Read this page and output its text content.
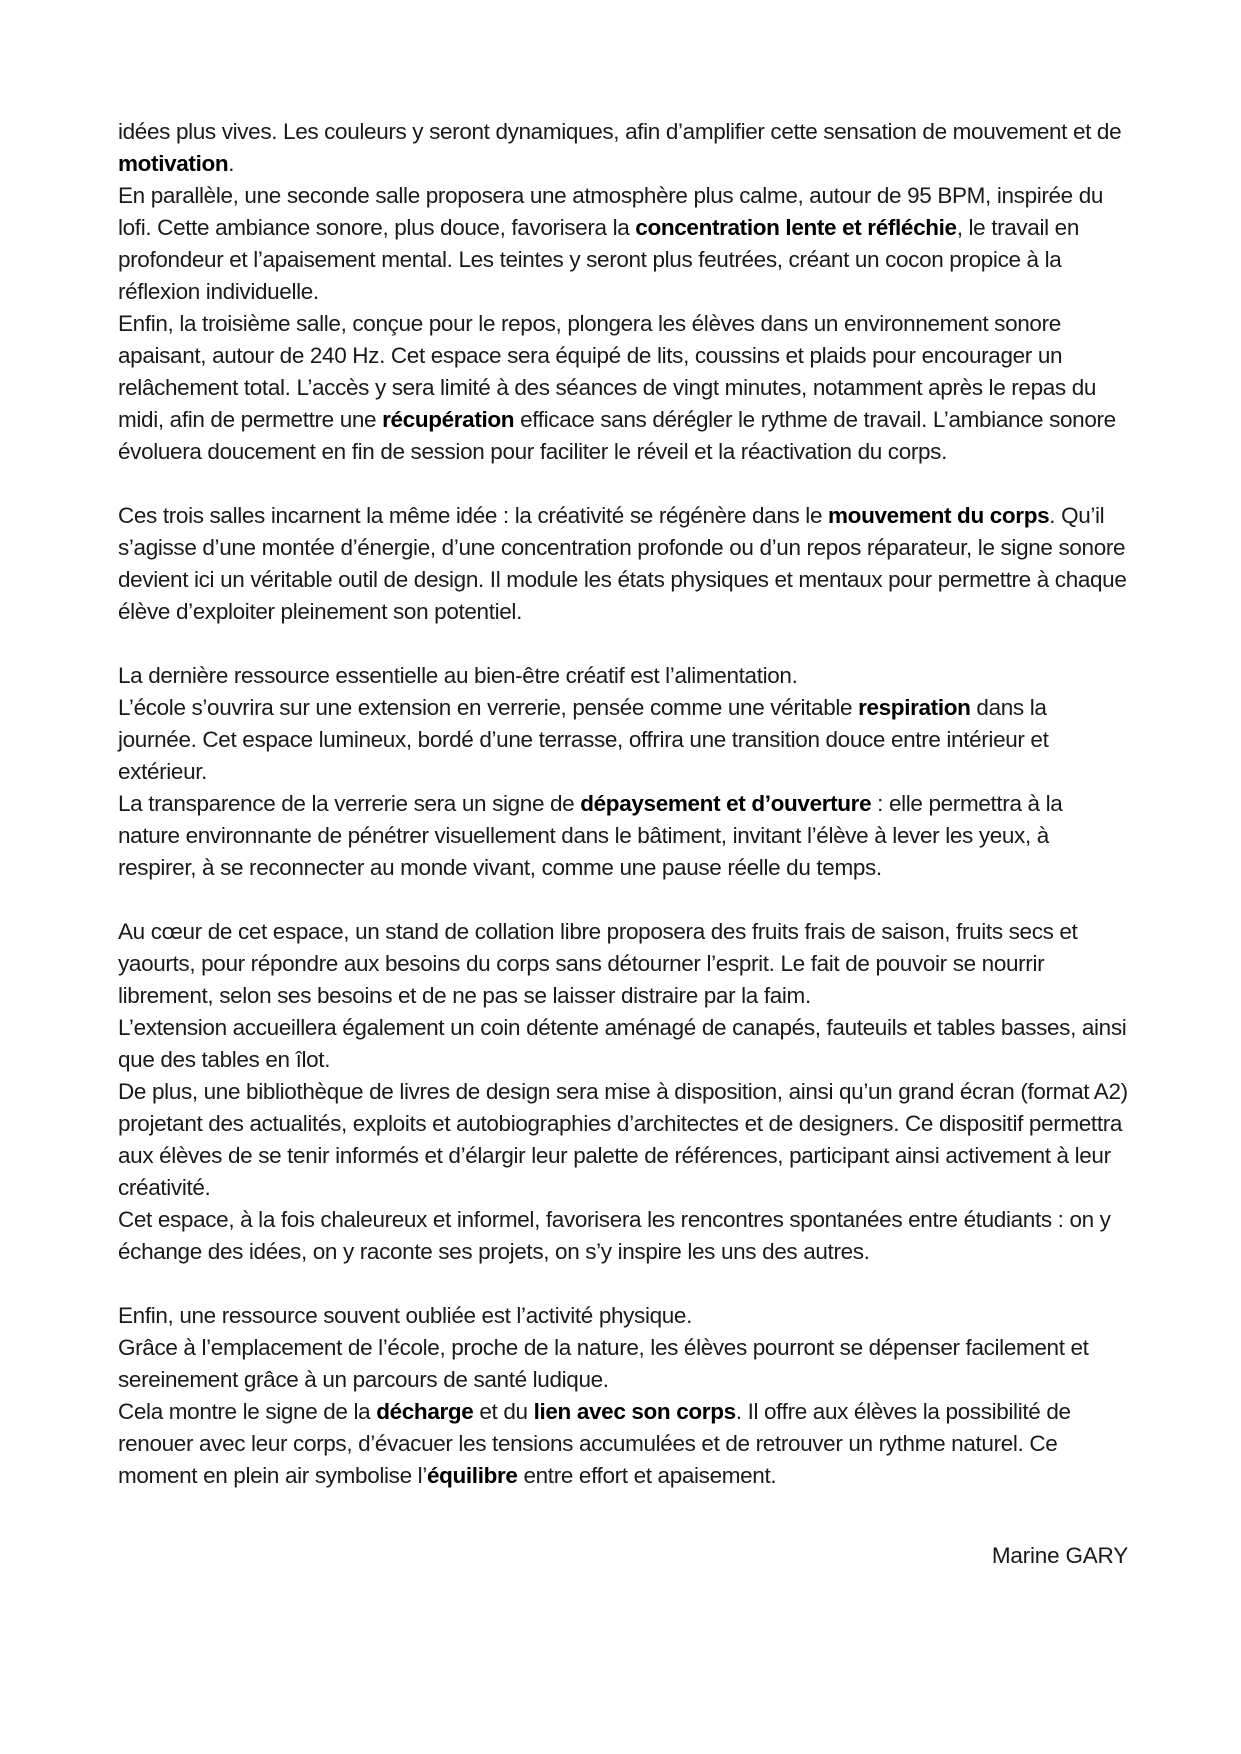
idées plus vives. Les couleurs y seront dynamiques, afin d’amplifier cette sensation de mouvement et de motivation.

En parallèle, une seconde salle proposera une atmosphère plus calme, autour de 95 BPM, inspirée du lofi. Cette ambiance sonore, plus douce, favorisera la concentration lente et réfléchie, le travail en profondeur et l’apaisement mental. Les teintes y seront plus feutrées, créant un cocon propice à la réflexion individuelle.

Enfin, la troisième salle, conçue pour le repos, plongera les élèves dans un environnement sonore apaisant, autour de 240 Hz. Cet espace sera équipé de lits, coussins et plaids pour encourager un relâchement total. L’accès y sera limité à des séances de vingt minutes, notamment après le repas du midi, afin de permettre une récupération efficace sans dérégler le rythme de travail. L’ambiance sonore évoluera doucement en fin de session pour faciliter le réveil et la réactivation du corps.

Ces trois salles incarnent la même idée : la créativité se régénère dans le mouvement du corps. Qu’il s’agisse d’une montée d’énergie, d’une concentration profonde ou d’un repos réparateur, le signe sonore devient ici un véritable outil de design. Il module les états physiques et mentaux pour permettre à chaque élève d’exploiter pleinement son potentiel.

La dernière ressource essentielle au bien-être créatif est l’alimentation.

L’école s’ouvrira sur une extension en verrerie, pensée comme une véritable respiration dans la journée. Cet espace lumineux, bordé d’une terrasse, offrira une transition douce entre intérieur et extérieur.

La transparence de la verrerie sera un signe de dépaysement et d’ouverture : elle permettra à la nature environnante de pénétrer visuellement dans le bâtiment, invitant l’élève à lever les yeux, à respirer, à se reconnecter au monde vivant, comme une pause réelle du temps.

Au cœur de cet espace, un stand de collation libre proposera des fruits frais de saison, fruits secs et yaourts, pour répondre aux besoins du corps sans détourner l’esprit. Le fait de pouvoir se nourrir librement, selon ses besoins et de ne pas se laisser distraire par la faim.

L’extension accueillera également un coin détente aménagé de canapés, fauteuils et tables basses, ainsi que des tables en îlot.

De plus, une bibliothèque de livres de design sera mise à disposition, ainsi qu’un grand écran (format A2) projetant des actualités, exploits et autobiographies d’architectes et de designers. Ce dispositif permettra aux élèves de se tenir informés et d’élargir leur palette de références, participant ainsi activement à leur créativité.

Cet espace, à la fois chaleureux et informel, favorisera les rencontres spontanées entre étudiants : on y échange des idées, on y raconte ses projets, on s’y inspire les uns des autres.

Enfin, une ressource souvent oubliée est l’activité physique.

Grâce à l’emplacement de l’école, proche de la nature, les élèves pourront se dépenser facilement et sereinement grâce à un parcours de santé ludique.

Cela montre le signe de la décharge et du lien avec son corps. Il offre aux élèves la possibilité de renouer avec leur corps, d’évacuer les tensions accumulées et de retrouver un rythme naturel. Ce moment en plein air symbolise l’équilibre entre effort et apaisement.

Marine GARY
